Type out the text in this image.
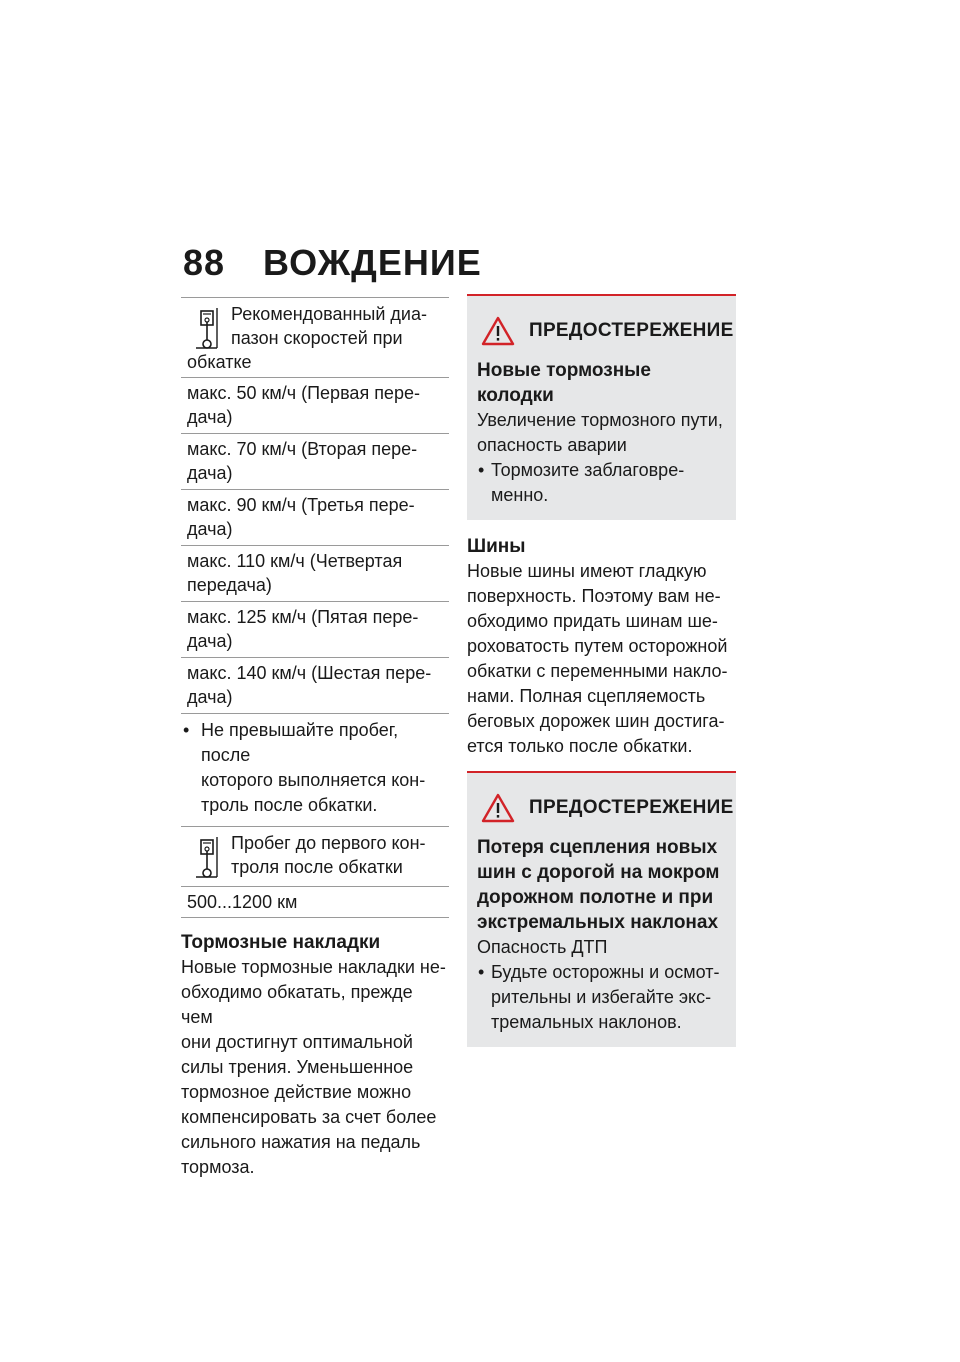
88	ВОЖДЕНИЕ
Рекомендованный диа-
пазон скоростей при
обкатке
макс. 50 км/ч (Первая пере-
дача)
макс. 70 км/ч (Вторая пере-
дача)
макс. 90 км/ч (Третья пере-
дача)
макс. 110 км/ч (Четвертая
передача)
макс. 125 км/ч (Пятая пере-
дача)
макс. 140 км/ч (Шестая пере-
дача)
• Не превышайте пробег, после
которого выполняется кон-
троль после обкатки.
Пробег до первого кон-
троля после обкатки
500...1200 км
Тормозные накладки
Новые тормозные накладки не-
обходимо обкатать, прежде чем
они достигнут оптимальной
силы трения. Уменьшенное
тормозное действие можно
компенсировать за счет более
сильного нажатия на педаль
тормоза.
ПРЕДОСТЕРЕЖЕНИЕ
Новые тормозные
колодки
Увеличение тормозного пути,
опасность аварии
• Тормозите заблаговре-
менно.
Шины
Новые шины имеют гладкую
поверхность. Поэтому вам не-
обходимо придать шинам ше-
роховатость путем осторожной
обкатки с переменными накло-
нами. Полная сцепляемость
беговых дорожек шин достига-
ется только после обкатки.
ПРЕДОСТЕРЕЖЕНИЕ
Потеря сцепления новых
шин с дорогой на мокром
дорожном полотне и при
экстремальных наклонах
Опасность ДТП
• Будьте осторожны и осмот-
рительны и избегайте экс-
тремальных наклонов.
